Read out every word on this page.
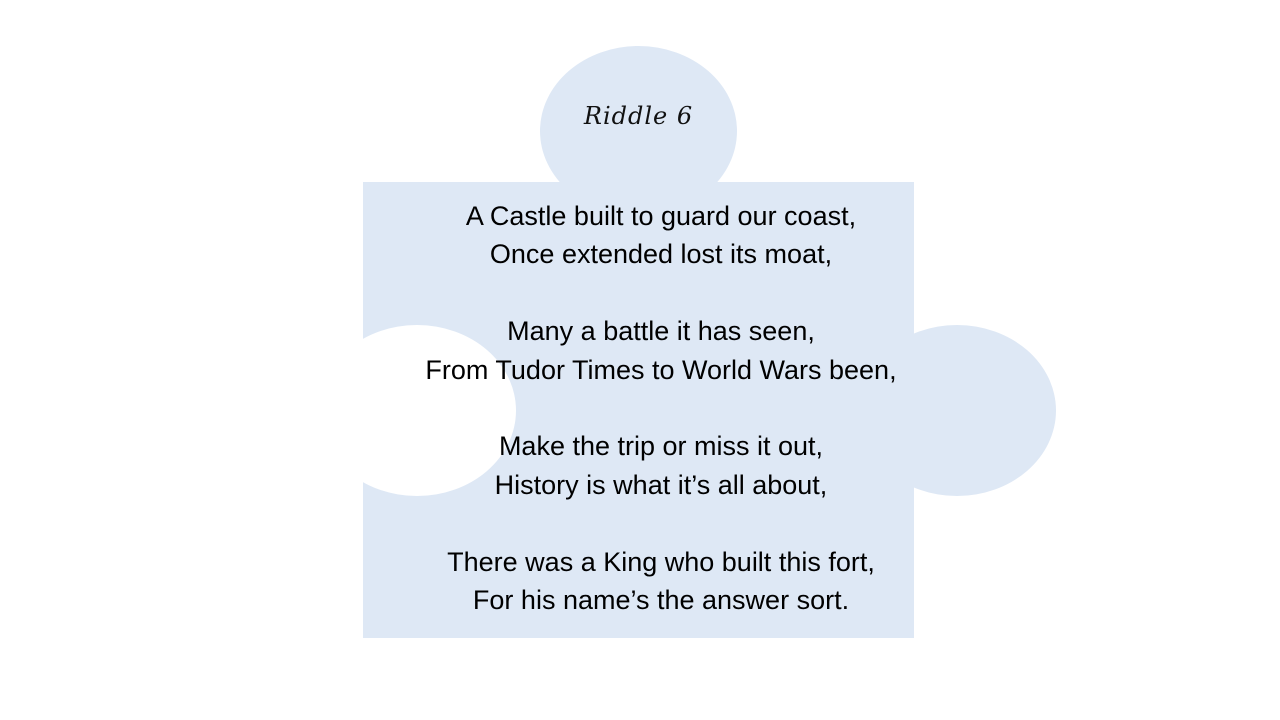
Riddle 6
A Castle built to guard our coast,
Once extended lost its moat,
Many a battle it has seen,
From Tudor Times to World Wars been,
Make the trip or miss it out,
History is what it’s all about,
There was a King who built this fort,
For his name’s the answer sort.
